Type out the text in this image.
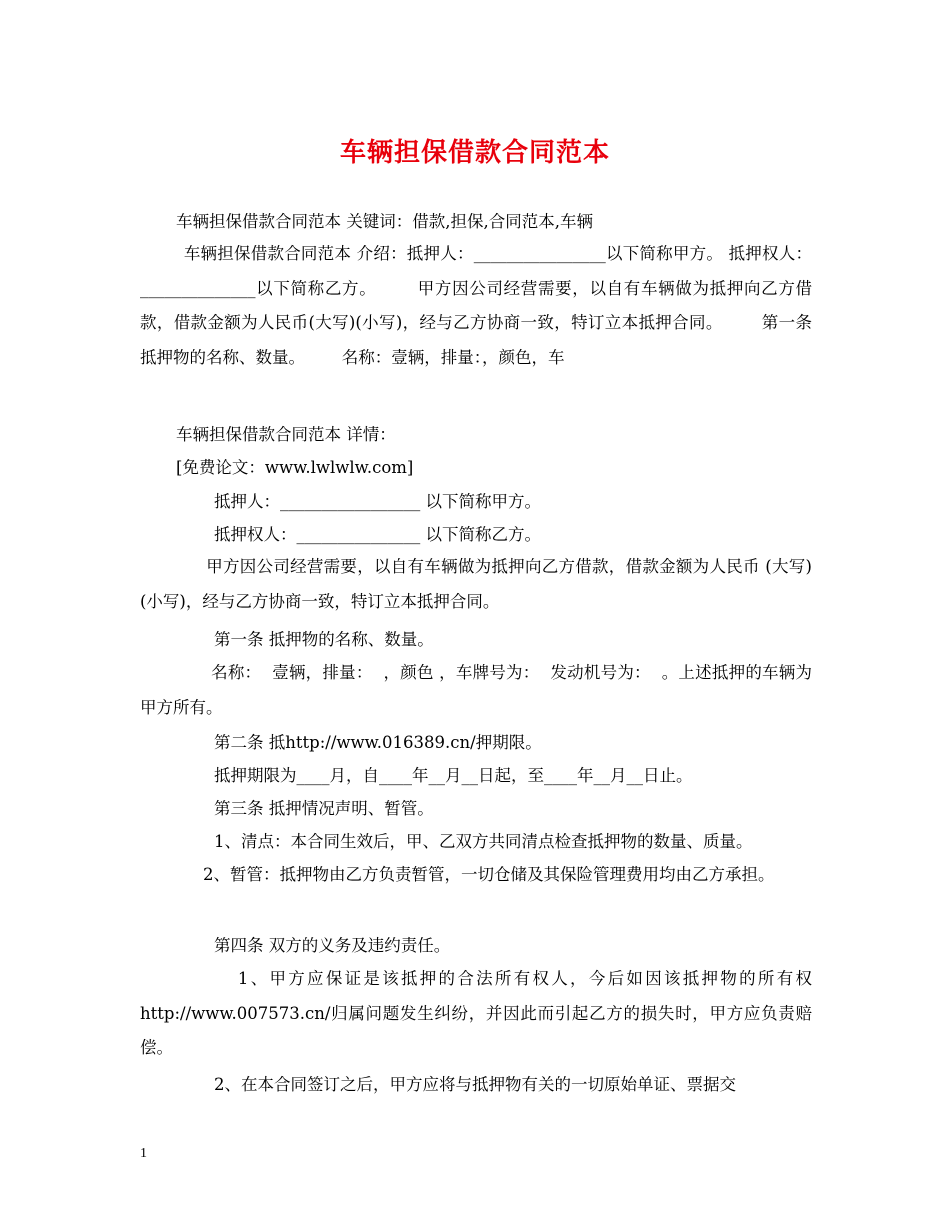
车辆担保借款合同范本
车辆担保借款合同范本 关键词：借款,担保,合同范本,车辆
车辆担保借款合同范本 介绍：抵押人：________________以下简称甲方。 抵押权人：______________以下简称乙方。       甲方因公司经营需要，以自有车辆做为抵押向乙方借款，借款金额为人民币(大写)(小写)，经与乙方协商一致，特订立本抵押合同。       第一条抵押物的名称、数量。       名称：壹辆，排量：，颜色，车
车辆担保借款合同范本 详情：
[免费论文：www.lwlwlw.com]
抵押人：_________________ 以下简称甲方。
抵押权人：_______________ 以下简称乙方。
甲方因公司经营需要，以自有车辆做为抵押向乙方借款，借款金额为人民币 (大写) (小写)，经与乙方协商一致，特订立本抵押合同。
第一条 抵押物的名称、数量。
名称：  壹辆，排量：  ，颜色 ，车牌号为：  发动机号为：  。上述抵押的车辆为甲方所有。
第二条 抵http://www.016389.cn/押期限。
抵押期限为____月，自____年__月__日起，至____年__月__日止。
第三条 抵押情况声明、暂管。
1、清点：本合同生效后，甲、乙双方共同清点检查抵押物的数量、质量。
2、暂管：抵押物由乙方负责暂管，一切仓储及其保险管理费用均由乙方承担。
第四条 双方的义务及违约责任。
1、甲方应保证是该抵押的合法所有权人，今后如因该抵押物的所有权http://www.007573.cn/归属问题发生纠纷，并因此而引起乙方的损失时，甲方应负责赔偿。
2、在本合同签订之后，甲方应将与抵押物有关的一切原始单证、票据交
1
